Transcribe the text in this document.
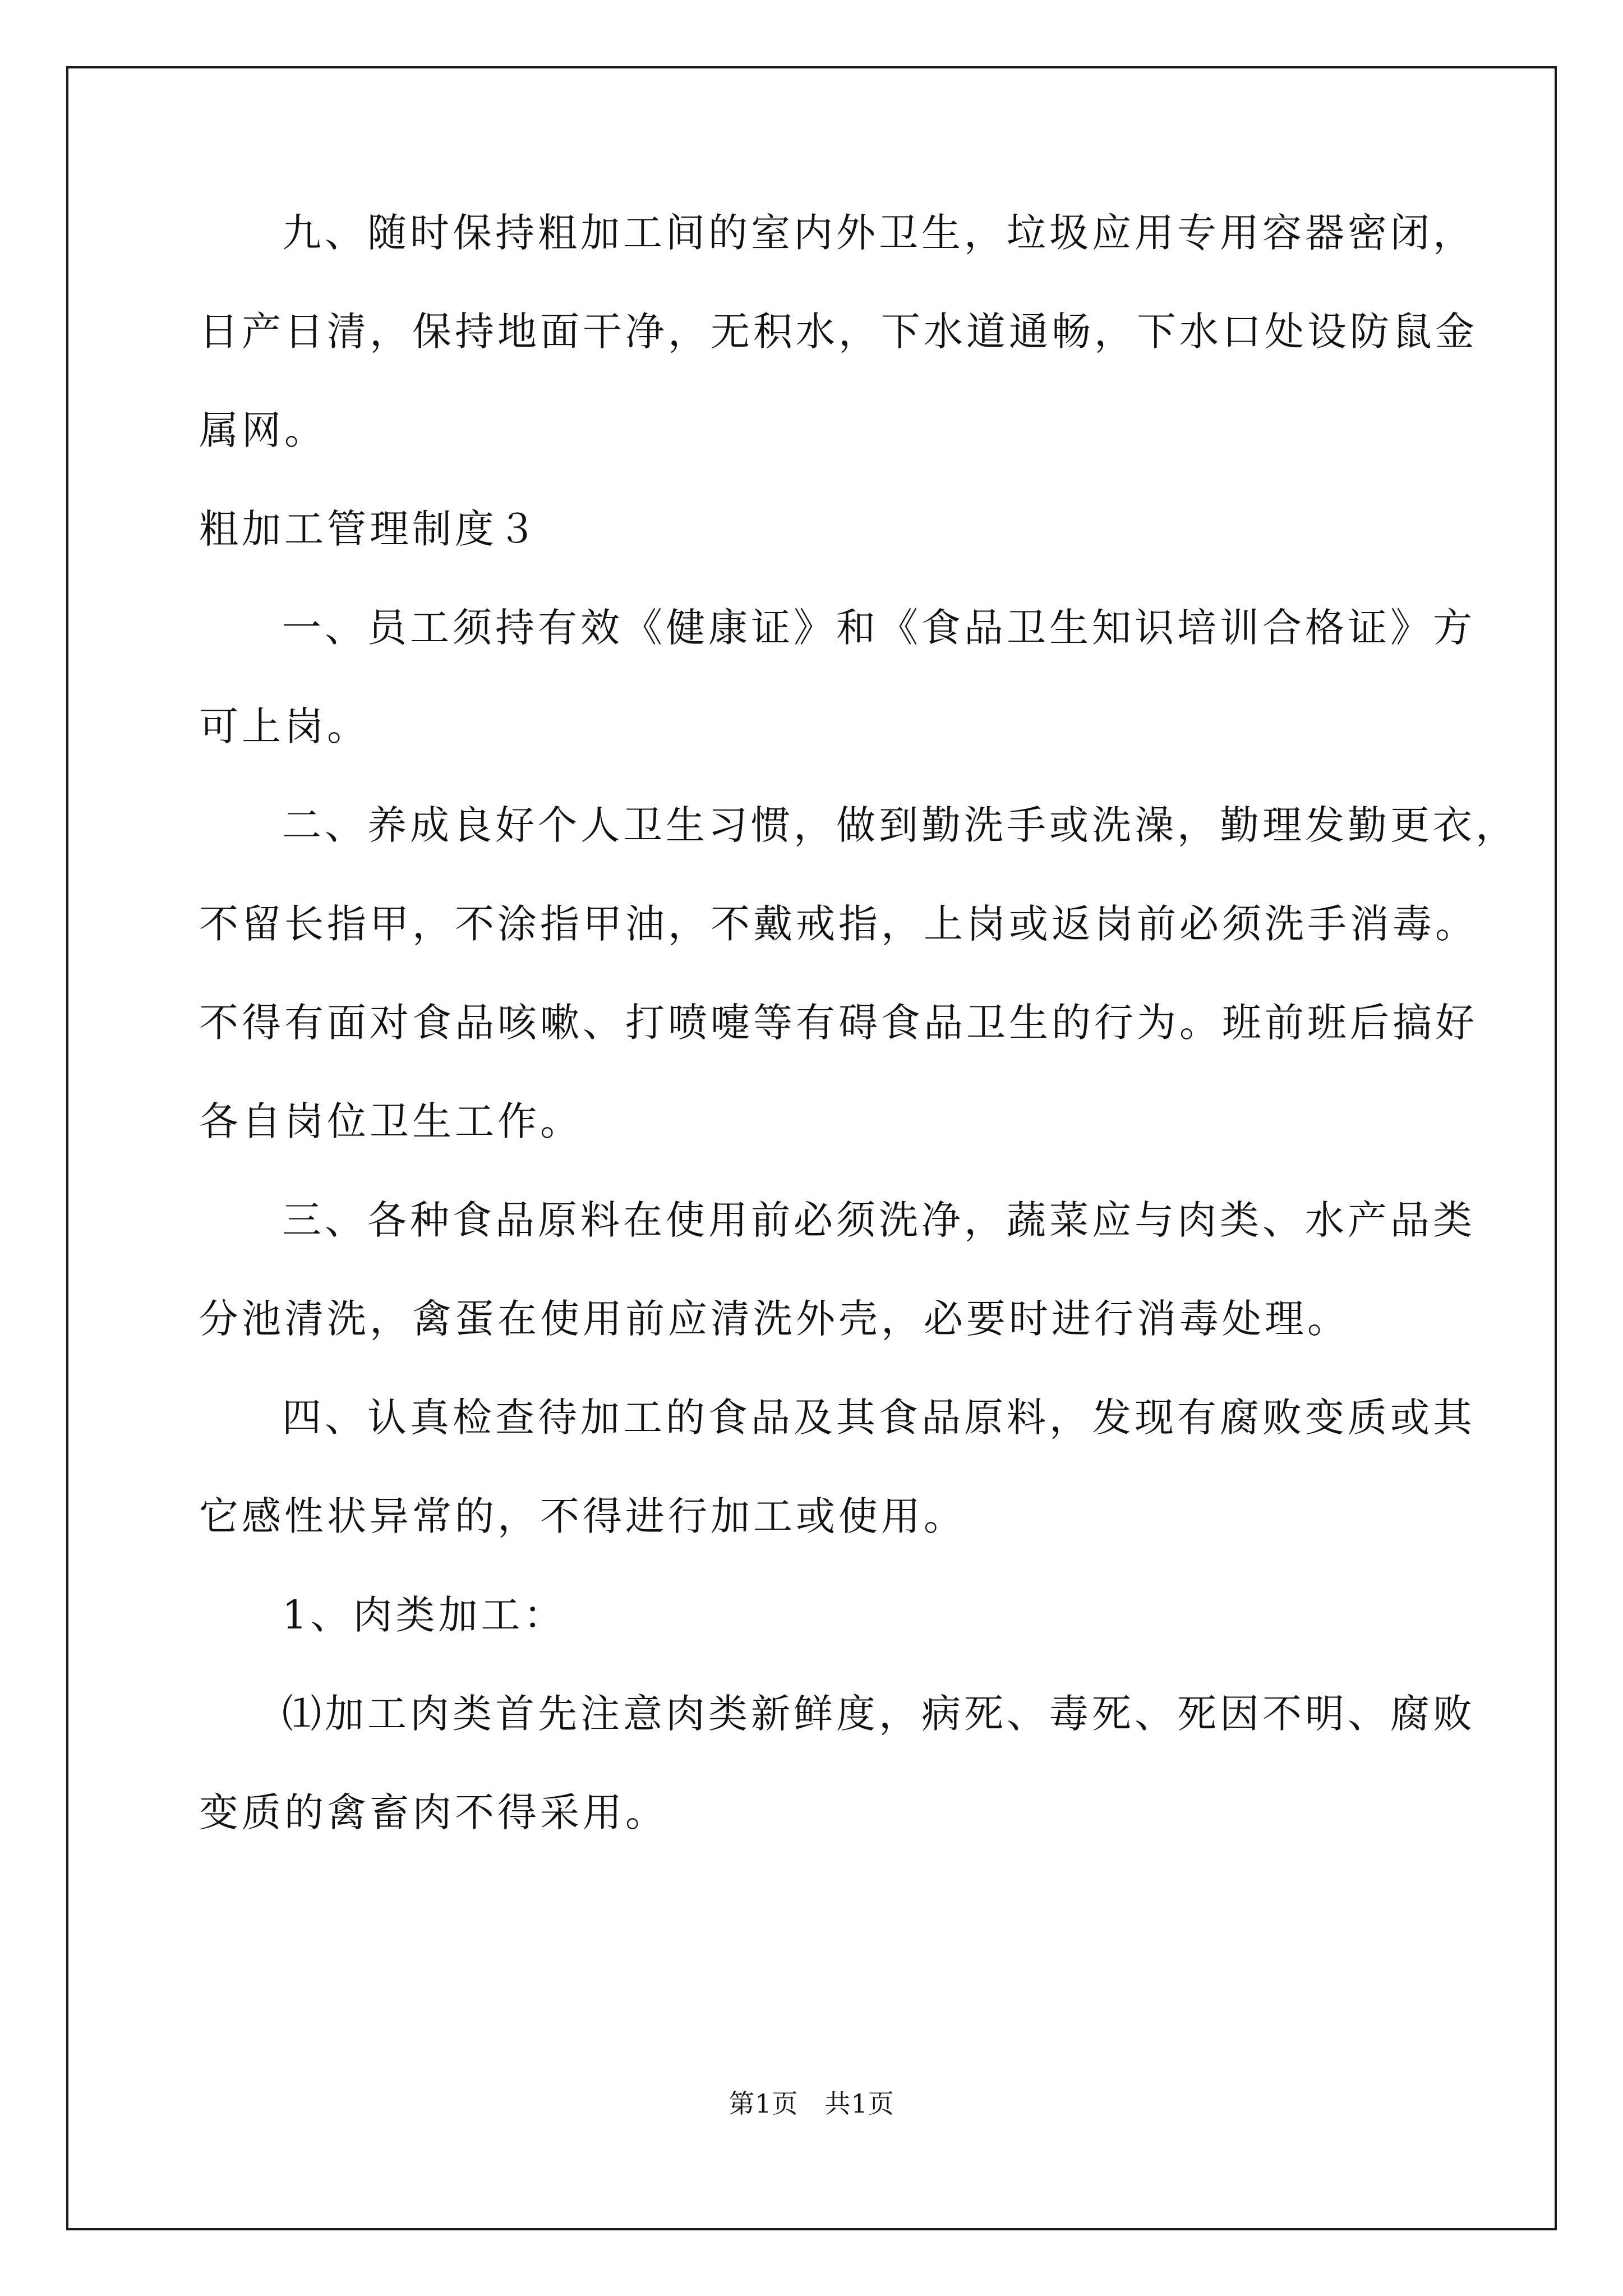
九、随时保持粗加工间的室内外卫生，垃圾应用专用容器密闭，
日产日清，保持地面干净，无积水，下水道通畅，下水口处设防鼠金
属网。
粗加工管理制度３
一、员工须持有效《健康证》和《食品卫生知识培训合格证》方
可上岗。
二、养成良好个人卫生习惯，做到勤洗手或洗澡，勤理发勤更衣，
不留长指甲，不涂指甲油，不戴戒指，上岗或返岗前必须洗手消毒。
不得有面对食品咳嗽、打喷嚏等有碍食品卫生的行为。班前班后搞好
各自岗位卫生工作。
三、各种食品原料在使用前必须洗净，蔬菜应与肉类、水产品类
分池清洗，禽蛋在使用前应清洗外壳，必要时进行消毒处理。
四、认真检查待加工的食品及其食品原料，发现有腐败变质或其
它感性状异常的，不得进行加工或使用。
1、肉类加工：
⑴加工肉类首先注意肉类新鲜度，病死、毒死、死因不明、腐败
变质的禽畜肉不得采用。
第1页　共1页
